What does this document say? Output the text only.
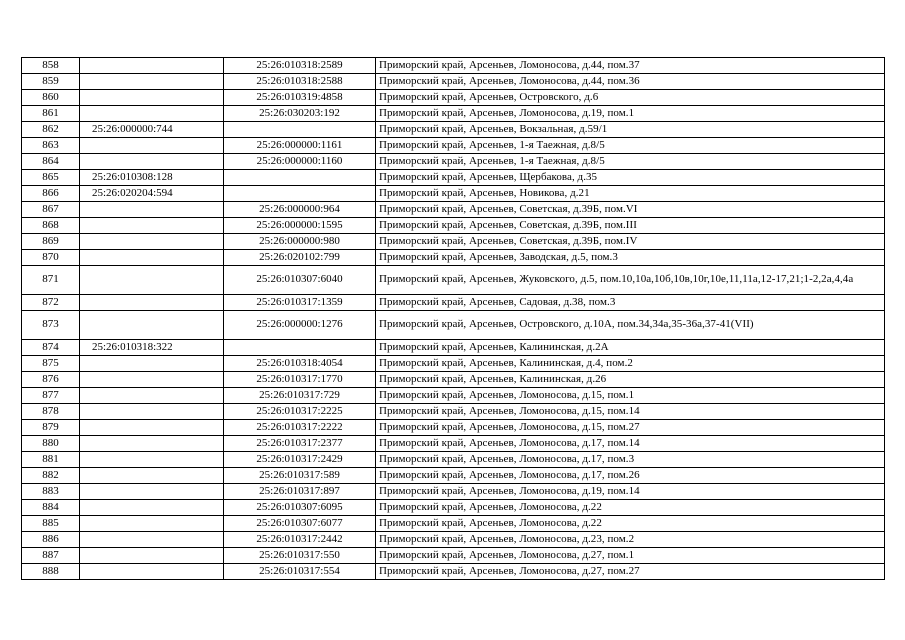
858		25:26:010318:2589	Приморский край, Арсеньев, Ломоносова, д.44, пом.37
859		25:26:010318:2588	Приморский край, Арсеньев, Ломоносова, д.44, пом.36
860		25:26:010319:4858	Приморский край, Арсеньев, Островского, д.6
861		25:26:030203:192	Приморский край, Арсеньев, Ломоносова, д.19, пом.1
862	25:26:000000:744		Приморский край, Арсеньев, Вокзальная, д.59/1
863		25:26:000000:1161	Приморский край, Арсеньев, 1-я Таежная, д.8/5
864		25:26:000000:1160	Приморский край, Арсеньев, 1-я Таежная, д.8/5
865	25:26:010308:128		Приморский край, Арсеньев, Щербакова, д.35
866	25:26:020204:594		Приморский край, Арсеньев, Новикова, д.21
867		25:26:000000:964	Приморский край, Арсеньев, Советская, д.39Б, пом.VI
868		25:26:000000:1595	Приморский край, Арсеньев, Советская, д.39Б, пом.III
869		25:26:000000:980	Приморский край, Арсеньев, Советская, д.39Б, пом.IV
870		25:26:020102:799	Приморский край, Арсеньев, Заводская, д.5, пом.3
871		25:26:010307:6040	Приморский край, Арсеньев, Жуковского, д.5, пом.10,10а,10б,10в,10г,10е,11,11а,12-17,21;1-2,2а,4,4а
872		25:26:010317:1359	Приморский край, Арсеньев, Садовая, д.38, пом.3
873		25:26:000000:1276	Приморский край, Арсеньев, Островского, д.10А, пом.34,34а,35-36а,37-41(VII)
874	25:26:010318:322		Приморский край, Арсеньев, Калининская, д.2А
875		25:26:010318:4054	Приморский край, Арсеньев, Калининская, д.4, пом.2
876		25:26:010317:1770	Приморский край, Арсеньев, Калининская, д.26
877		25:26:010317:729	Приморский край, Арсеньев, Ломоносова, д.15, пом.1
878		25:26:010317:2225	Приморский край, Арсеньев, Ломоносова, д.15, пом.14
879		25:26:010317:2222	Приморский край, Арсеньев, Ломоносова, д.15, пом.27
880		25:26:010317:2377	Приморский край, Арсеньев, Ломоносова, д.17, пом.14
881		25:26:010317:2429	Приморский край, Арсеньев, Ломоносова, д.17, пом.3
882		25:26:010317:589	Приморский край, Арсеньев, Ломоносова, д.17, пом.26
883		25:26:010317:897	Приморский край, Арсеньев, Ломоносова, д.19, пом.14
884		25:26:010307:6095	Приморский край, Арсеньев, Ломоносова, д.22
885		25:26:010307:6077	Приморский край, Арсеньев, Ломоносова, д.22
886		25:26:010317:2442	Приморский край, Арсеньев, Ломоносова, д.23, пом.2
887		25:26:010317:550	Приморский край, Арсеньев, Ломоносова, д.27, пом.1
888		25:26:010317:554	Приморский край, Арсеньев, Ломоносова, д.27, пом.27
